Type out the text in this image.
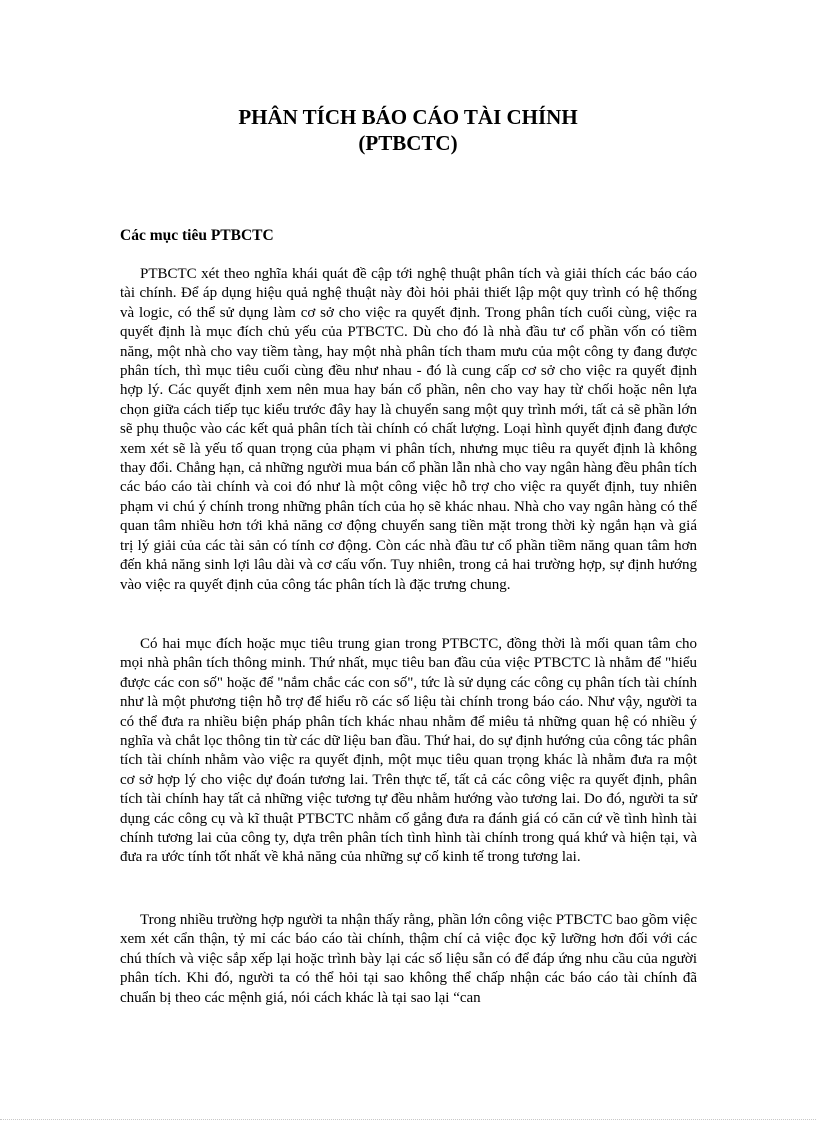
PHÂN TÍCH BÁO CÁO TÀI CHÍNH
(PTBCTC)
Các mục tiêu PTBCTC

PTBCTC xét theo nghĩa khái quát đề cập tới nghệ thuật phân tích và giải thích các báo cáo tài chính. Để áp dụng hiệu quả nghệ thuật này đòi hỏi phải thiết lập một quy trình có hệ thống và logic, có thể sử dụng làm cơ sở cho việc ra quyết định. Trong phân tích cuối cùng, việc ra quyết định là mục đích chủ yếu của PTBCTC. Dù cho đó là nhà đầu tư cổ phần vốn có tiềm năng, một nhà cho vay tiềm tàng, hay một nhà phân tích tham mưu của một công ty đang được phân tích, thì mục tiêu cuối cùng đều như nhau - đó là cung cấp cơ sở cho việc ra quyết định hợp lý. Các quyết định xem nên mua hay bán cổ phần, nên cho vay hay từ chối hoặc nên lựa chọn giữa cách tiếp tục kiểu trước đây hay là chuyển sang một quy trình mới, tất cả sẽ phần lớn sẽ phụ thuộc vào các kết quả phân tích tài chính có chất lượng. Loại hình quyết định đang được xem xét sẽ là yếu tố quan trọng của phạm vi phân tích, nhưng mục tiêu ra quyết định là không thay đổi. Chẳng hạn, cả những người mua bán cổ phần lẫn nhà cho vay ngân hàng đều phân tích các báo cáo tài chính và coi đó như là một công việc hỗ trợ cho việc ra quyết định, tuy nhiên phạm vi chú ý chính trong những phân tích của họ sẽ khác nhau. Nhà cho vay ngân hàng có thể quan tâm nhiều hơn tới khả năng cơ động chuyển sang tiền mặt trong thời kỳ ngắn hạn và giá trị lý giải của các tài sản có tính cơ động. Còn các nhà đầu tư cổ phần tiềm năng quan tâm hơn đến khả năng sinh lợi lâu dài và cơ cấu vốn. Tuy nhiên, trong cả hai trường hợp, sự định hướng vào việc ra quyết định của công tác phân tích là đặc trưng chung.

Có hai mục đích hoặc mục tiêu trung gian trong PTBCTC, đồng thời là mối quan tâm cho mọi nhà phân tích thông minh. Thứ nhất, mục tiêu ban đầu của việc PTBCTC là nhằm để "hiểu được các con số" hoặc để "nắm chắc các con số", tức là sử dụng các công cụ phân tích tài chính như là một phương tiện hỗ trợ để hiểu rõ các số liệu tài chính trong báo cáo. Như vậy, người ta có thể đưa ra nhiều biện pháp phân tích khác nhau nhằm để miêu tả những quan hệ có nhiều ý nghĩa và chắt lọc thông tin từ các dữ liệu ban đầu. Thứ hai, do sự định hướng của công tác phân tích tài chính nhằm vào việc ra quyết định, một mục tiêu quan trọng khác là nhằm đưa ra một cơ sở hợp lý cho việc dự đoán tương lai. Trên thực tế, tất cả các công việc ra quyết định, phân tích tài chính hay tất cả những việc tương tự đều nhằm hướng vào tương lai. Do đó, người ta sử dụng các công cụ và kĩ thuật PTBCTC nhằm cố gắng đưa ra đánh giá có căn cứ về tình hình tài chính tương lai của công ty, dựa trên phân tích tình hình tài chính trong quá khứ và hiện tại, và đưa ra ước tính tốt nhất về khả năng của những sự cố kinh tế trong tương lai.

Trong nhiều trường hợp người ta nhận thấy rằng, phần lớn công việc PTBCTC bao gồm việc xem xét cẩn thận, tỷ mỉ các báo cáo tài chính, thậm chí cả việc đọc kỹ lưỡng hơn đối với các chú thích và việc sắp xếp lại hoặc trình bày lại các số liệu sẵn có để đáp ứng nhu cầu của người phân tích. Khi đó, người ta có thể hỏi tại sao không thể chấp nhận các báo cáo tài chính đã chuẩn bị theo các mệnh giá, nói cách khác là tại sao lại “can
